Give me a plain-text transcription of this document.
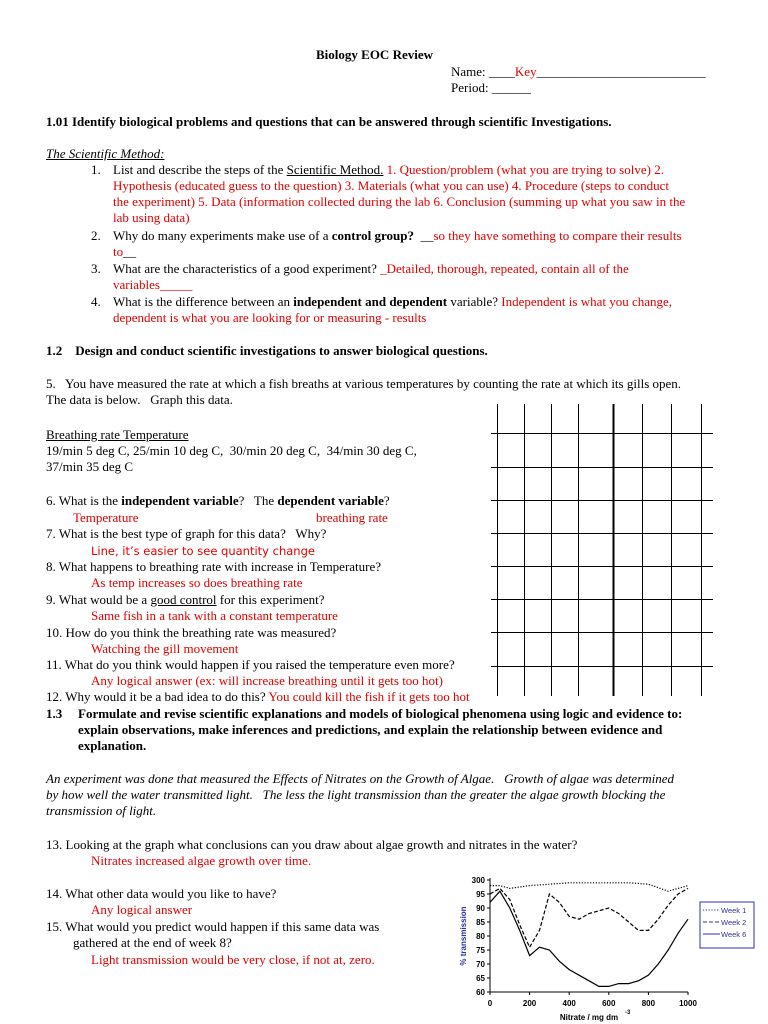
Biology EOC Review
Name: ____Key__________________________
Period: ______
1.01 Identify biological problems and questions that can be answered through scientific Investigations.
The Scientific Method:
1. List and describe the steps of the Scientific Method. 1. Question/problem (what you are trying to solve) 2.
Hypothesis (educated guess to the question) 3. Materials (what you can use) 4. Procedure (steps to conduct
the experiment) 5. Data (information collected during the lab 6. Conclusion (summing up what you saw in the
lab using data)
2. Why do many experiments make use of a control group?  __so they have something to compare their results
to__
3. What are the characteristics of a good experiment? _Detailed, thorough, repeated, contain all of the
variables_____
4. What is the difference between an independent and dependent variable? Independent is what you change,
dependent is what you are looking for or measuring - results
1.2    Design and conduct scientific investigations to answer biological questions.
5.   You have measured the rate at which a fish breaths at various temperatures by counting the rate at which its gills open.
The data is below.   Graph this data.
Breathing rate Temperature
19/min 5 deg C, 25/min 10 deg C,  30/min 20 deg C,  34/min 30 deg C,
37/min 35 deg C
6. What is the independent variable?   The dependent variable?
Temperature	breathing rate
7. What is the best type of graph for this data?   Why?
Line, it’s easier to see quantity change
8. What happens to breathing rate with increase in Temperature?
As temp increases so does breathing rate
9. What would be a good control for this experiment?
Same fish in a tank with a constant temperature
10. How do you think the breathing rate was measured?
Watching the gill movement
11. What do you think would happen if you raised the temperature even more?
Any logical answer (ex: will increase breathing until it gets too hot)
12. Why would it be a bad idea to do this? You could kill the fish if it gets too hot
1.3 Formulate and revise scientific explanations and models of biological phenomena using logic and evidence to:
explain observations, make inferences and predictions, and explain the relationship between evidence and
explanation.
An experiment was done that measured the Effects of Nitrates on the Growth of Algae.   Growth of algae was determined
by how well the water transmitted light.   The less the light transmission than the greater the algae growth blocking the
transmission of light.
13. Looking at the graph what conclusions can you draw about algae growth and nitrates in the water?
Nitrates increased algae growth over time.
14. What other data would you like to have?
Any logical answer
15. What would you predict would happen if this same data was
gathered at the end of week 8?
Light transmission would be very close, if not at, zero.
60
65
70
75
80
85
90
95
300
0	200	400	600	800	1000
Nitrate / mg dm -3
% transmission	Week 1
Week 2
Week 6
